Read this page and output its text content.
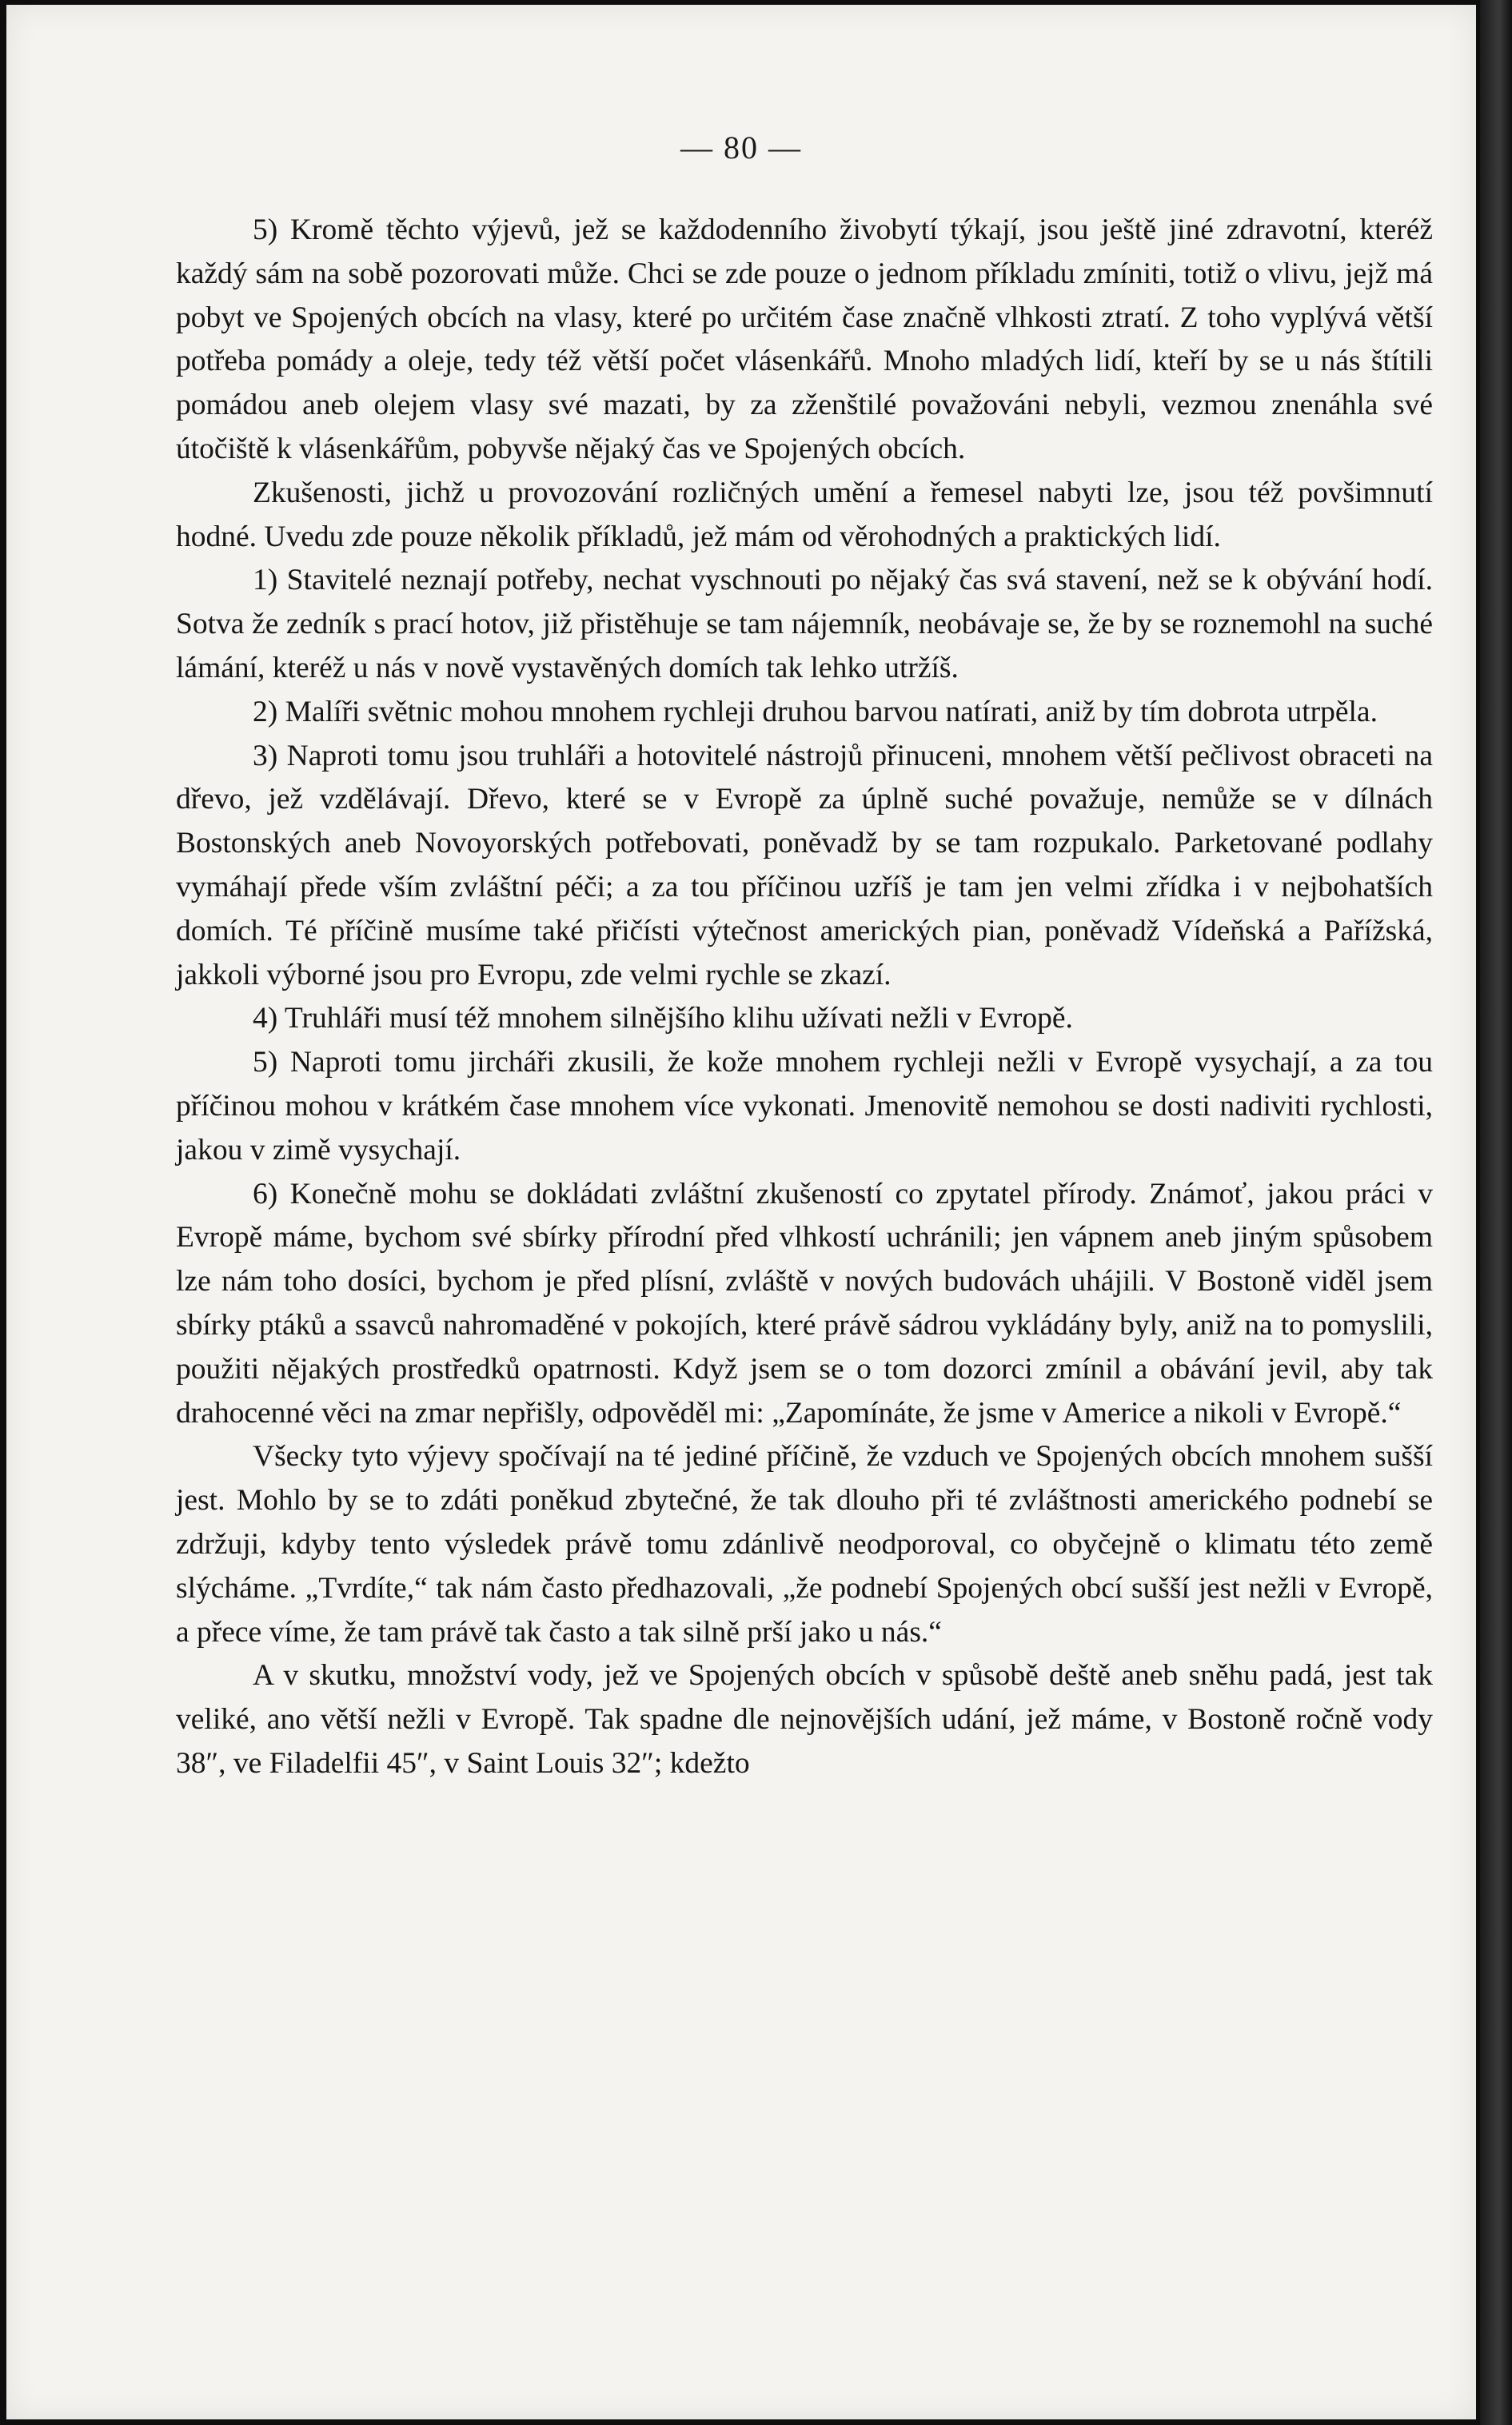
— 80 —

5) Kromě těchto výjevů, jež se každodenního živobytí týkají, jsou ještě jiné zdravotní, kteréž každý sám na sobě pozorovati může. Chci se zde pouze o jednom příkladu zmíniti, totiž o vlivu, jejž má pobyt ve Spojených obcích na vlasy, které po určitém čase značně vlhkosti ztratí. Z toho vyplývá větší potřeba pomády a oleje, tedy též větší počet vlásenkářů. Mnoho mladých lidí, kteří by se u nás štítili pomádou aneb olejem vlasy své mazati, by za zženštilé považováni nebyli, vezmou znenáhla své útočiště k vlásenkářům, pobyvše nějaký čas ve Spojených obcích.

Zkušenosti, jichž u provozování rozličných umění a řemesel nabyti lze, jsou též povšimnutí hodné. Uvedu zde pouze několik příkladů, jež mám od věrohodných a praktických lidí.

1) Stavitelé neznají potřeby, nechat vyschnouti po nějaký čas svá stavení, než se k obývání hodí. Sotva že zedník s prací hotov, již přistěhuje se tam nájemník, neobávaje se, že by se roznemohl na suché lámání, kteréž u nás v nově vystavěných domích tak lehko utržíš.

2) Malíři světnic mohou mnohem rychleji druhou barvou natírati, aniž by tím dobrota utrpěla.

3) Naproti tomu jsou truhláři a hotovitelé nástrojů přinuceni, mnohem větší pečlivost obraceti na dřevo, jež vzdělávají. Dřevo, které se v Evropě za úplně suché považuje, nemůže se v dílnách Bostonských aneb Novoyorských potřebovati, poněvadž by se tam rozpukalo. Parketované podlahy vymáhají přede vším zvláštní péči; a za tou příčinou uzříš je tam jen velmi zřídka i v nejbohatších domích. Té příčině musíme také přičísti výtečnost amerických pian, poněvadž Vídeňská a Pařížská, jakkoli výborné jsou pro Evropu, zde velmi rychle se zkazí.

4) Truhláři musí též mnohem silnějšího klihu užívati nežli v Evropě.

5) Naproti tomu jircháři zkusili, že kože mnohem rychleji nežli v Evropě vysychají, a za tou příčinou mohou v krátkém čase mnohem více vykonati. Jmenovitě nemohou se dosti nadiviti rychlosti, jakou v zimě vysychají.

6) Konečně mohu se dokládati zvláštní zkušeností co zpytatel přírody. Známoť, jakou práci v Evropě máme, bychom své sbírky přírodní před vlhkostí uchránili; jen vápnem aneb jiným spůsobem lze nám toho dosíci, bychom je před plísní, zvláště v nových budovách uhájili. V Bostoně viděl jsem sbírky ptáků a ssavců nahromaděné v pokojích, které právě sádrou vykládány byly, aniž na to pomyslili, použiti nějakých prostředků opatrnosti. Když jsem se o tom dozorci zmínil a obávání jevil, aby tak drahocenné věci na zmar nepřišly, odpověděl mi: „Zapomínáte, že jsme v Americe a nikoli v Evropě.“

Všecky tyto výjevy spočívají na té jediné příčině, že vzduch ve Spojených obcích mnohem sušší jest. Mohlo by se to zdáti poněkud zbytečné, že tak dlouho při té zvláštnosti amerického podnebí se zdržuji, kdyby tento výsledek právě tomu zdánlivě neodporoval, co obyčejně o klimatu této země slýcháme. „Tvrdíte,“ tak nám často předhazovali, „že podnebí Spojených obcí sušší jest nežli v Evropě, a přece víme, že tam právě tak často a tak silně prší jako u nás.“

A v skutku, množství vody, jež ve Spojených obcích v spůsobě deště aneb sněhu padá, jest tak veliké, ano větší nežli v Evropě. Tak spadne dle nejnovějších udání, jež máme, v Bostoně ročně vody 38″, ve Filadelfii 45″, v Saint Louis 32″; kdežto
